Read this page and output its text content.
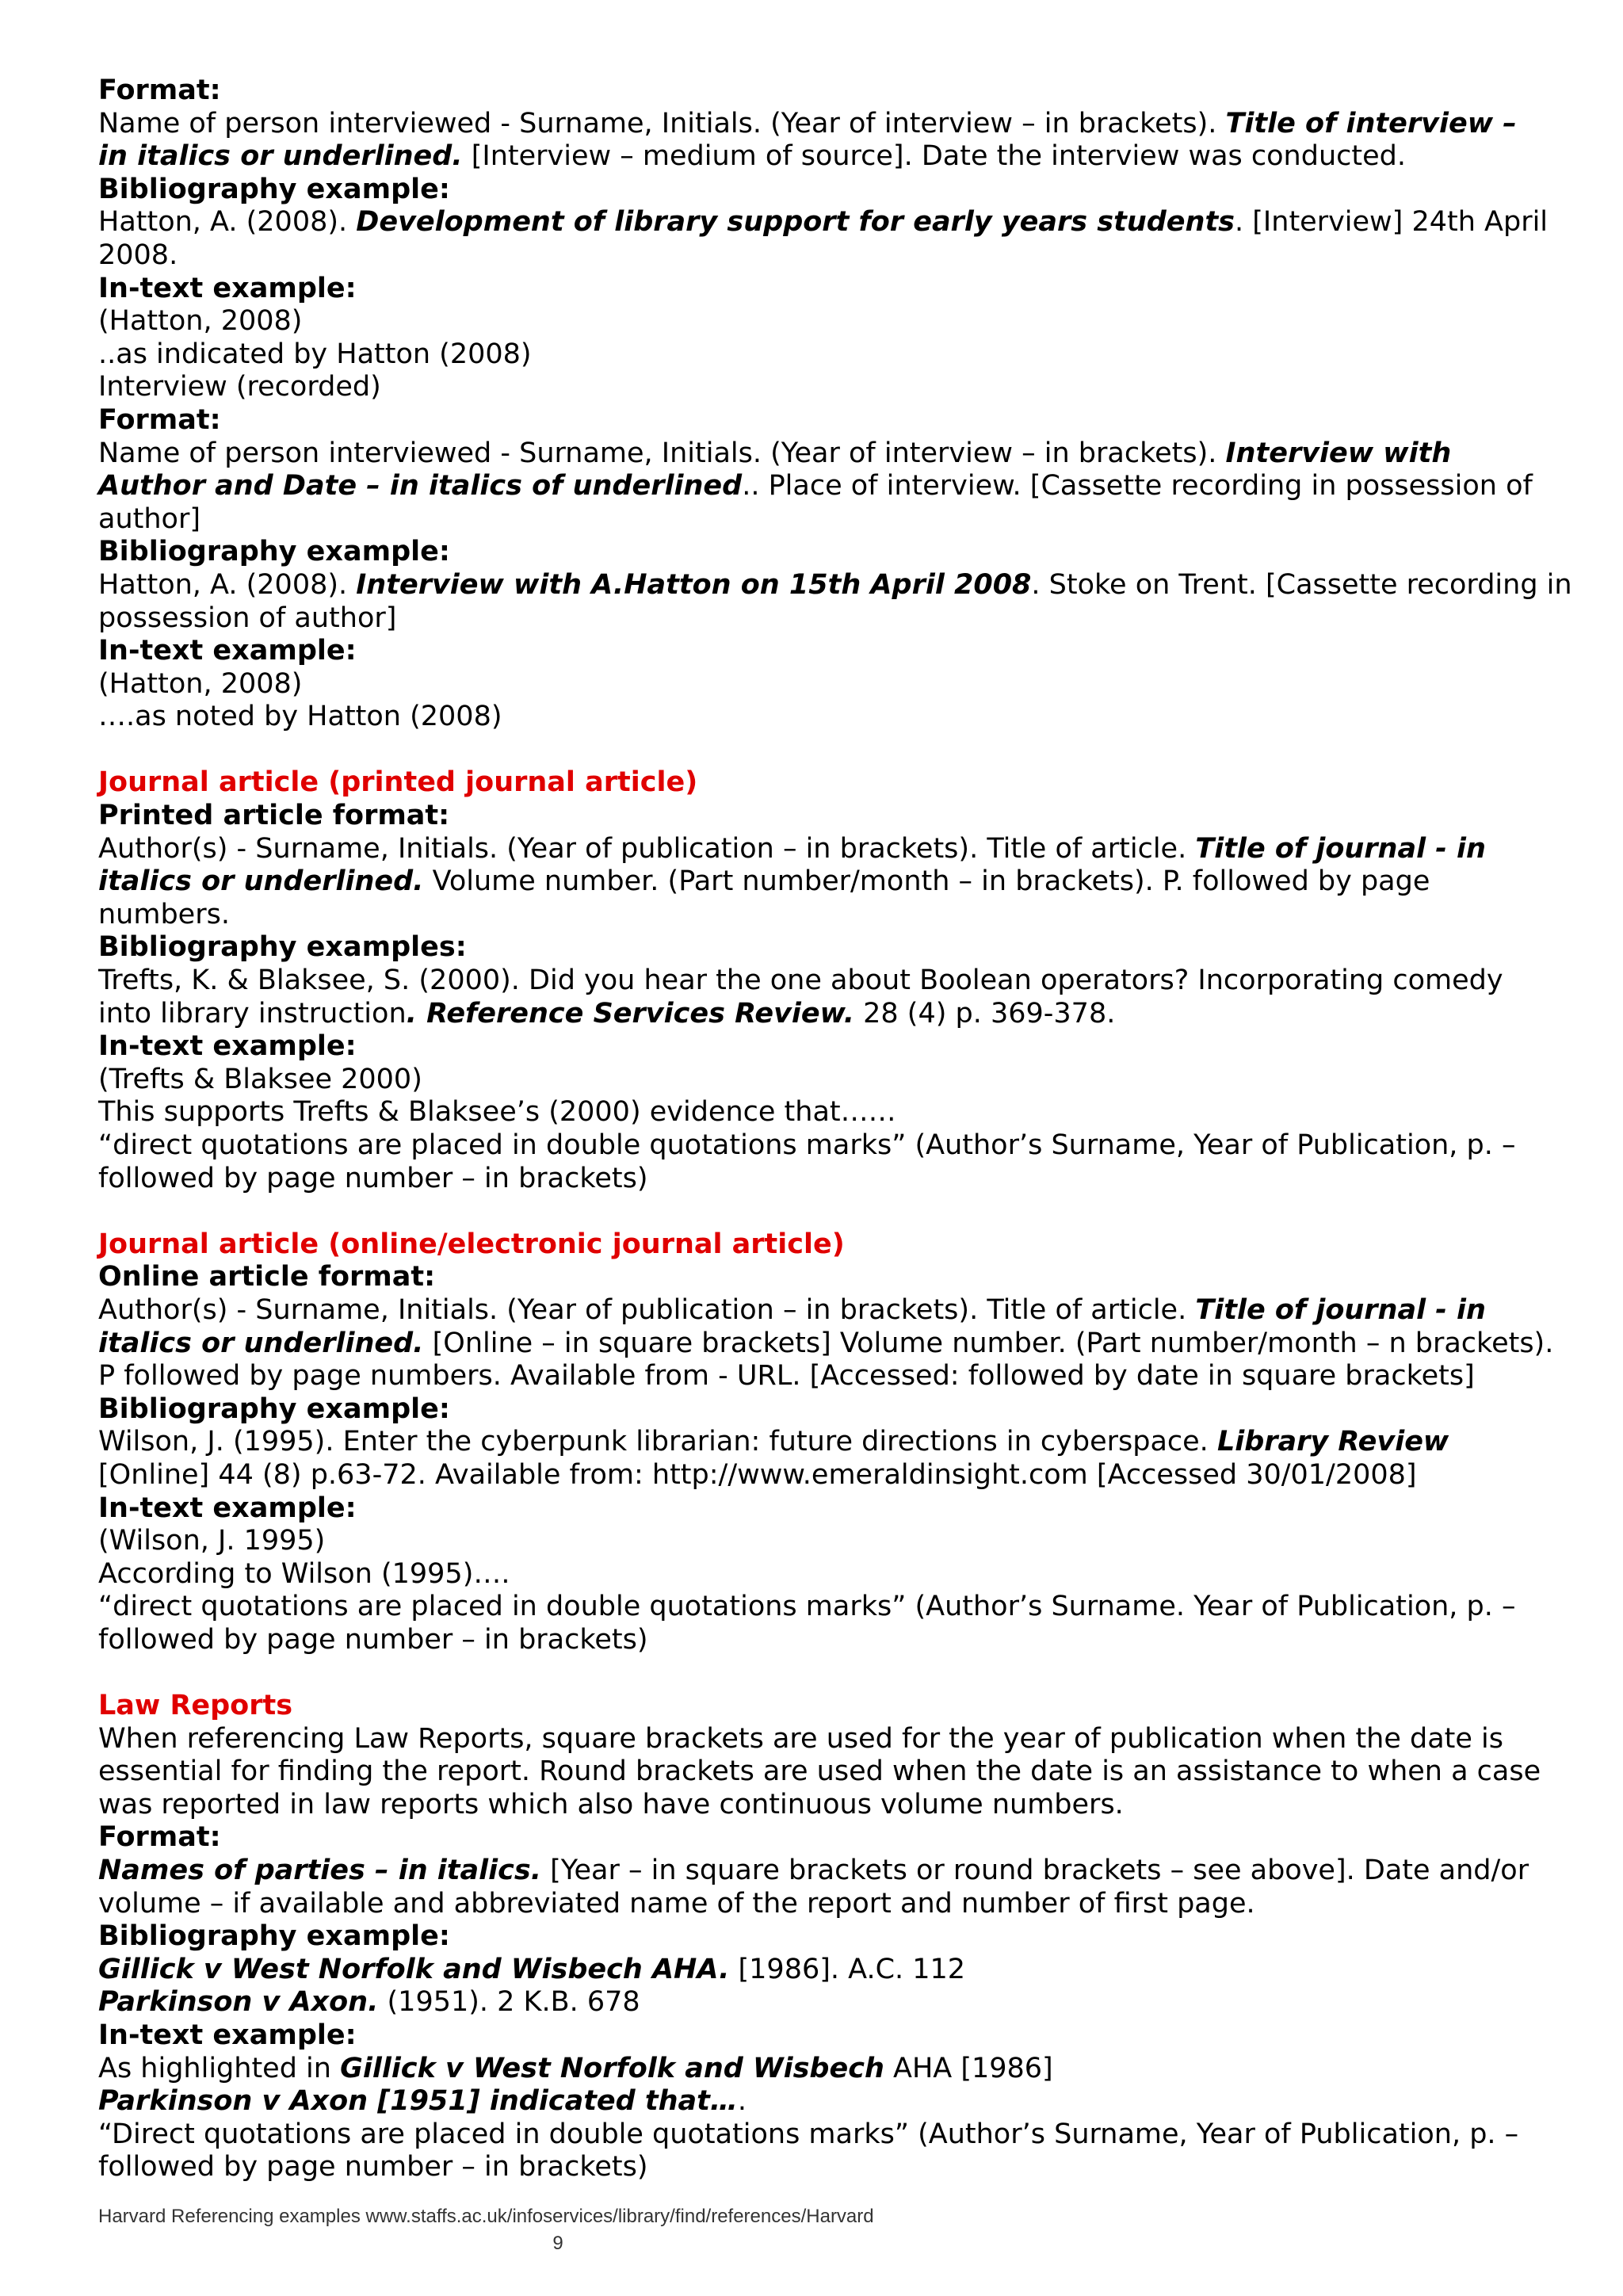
Format:

Name of person interviewed - Surname, Initials. (Year of interview – in brackets). Title of interview –

in italics or underlined. [Interview – medium of source]. Date the interview was conducted.

Bibliography example:

Hatton, A. (2008). Development of library support for early years students. [Interview] 24th April

2008.

In-text example:

(Hatton, 2008)

..as indicated by Hatton (2008)

Interview (recorded)

Format:

Name of person interviewed - Surname, Initials. (Year of interview – in brackets). Interview with

Author and Date – in italics of underlined.. Place of interview. [Cassette recording in possession of

author]

Bibliography example:

Hatton, A. (2008). Interview with A.Hatton on 15th April 2008. Stoke on Trent. [Cassette recording in

possession of author]

In-text example:

(Hatton, 2008)

….as noted by Hatton (2008)

Journal article (printed journal article)

Printed article format:

Author(s) - Surname, Initials. (Year of publication – in brackets). Title of article. Title of journal - in

italics or underlined. Volume number. (Part number/month – in brackets). P. followed by page

numbers.

Bibliography examples:

Trefts, K. & Blaksee, S. (2000). Did you hear the one about Boolean operators? Incorporating comedy

into library instruction. Reference Services Review. 28 (4) p. 369-378.

In-text example:

(Trefts & Blaksee 2000)

This supports Trefts & Blaksee’s (2000) evidence that……

“direct quotations are placed in double quotations marks” (Author’s Surname, Year of Publication, p. –

followed by page number – in brackets)

Journal article (online/electronic journal article)

Online article format:

Author(s) - Surname, Initials. (Year of publication – in brackets). Title of article. Title of journal - in

italics or underlined. [Online – in square brackets] Volume number. (Part number/month – n brackets).

P followed by page numbers. Available from - URL. [Accessed: followed by date in square brackets]

Bibliography example:

Wilson, J. (1995). Enter the cyberpunk librarian: future directions in cyberspace. Library Review

[Online] 44 (8) p.63-72. Available from: http://www.emeraldinsight.com [Accessed 30/01/2008]

In-text example:

(Wilson, J. 1995)

According to Wilson (1995)….

“direct quotations are placed in double quotations marks” (Author’s Surname. Year of Publication, p. –

followed by page number – in brackets)

Law Reports

When referencing Law Reports, square brackets are used for the year of publication when the date is

essential for finding the report. Round brackets are used when the date is an assistance to when a case

was reported in law reports which also have continuous volume numbers.

Format:

Names of parties – in italics. [Year – in square brackets or round brackets – see above]. Date and/or

volume – if available and abbreviated name of the report and number of first page.

Bibliography example:

Gillick v West Norfolk and Wisbech AHA. [1986]. A.C. 112

Parkinson v Axon. (1951). 2 K.B. 678

In-text example:

As highlighted in Gillick v West Norfolk and Wisbech AHA [1986]

Parkinson v Axon [1951] indicated that….

“Direct quotations are placed in double quotations marks” (Author’s Surname, Year of Publication, p. –

followed by page number – in brackets)

Harvard Referencing examples www.staffs.ac.uk/infoservices/library/find/references/Harvard
9
